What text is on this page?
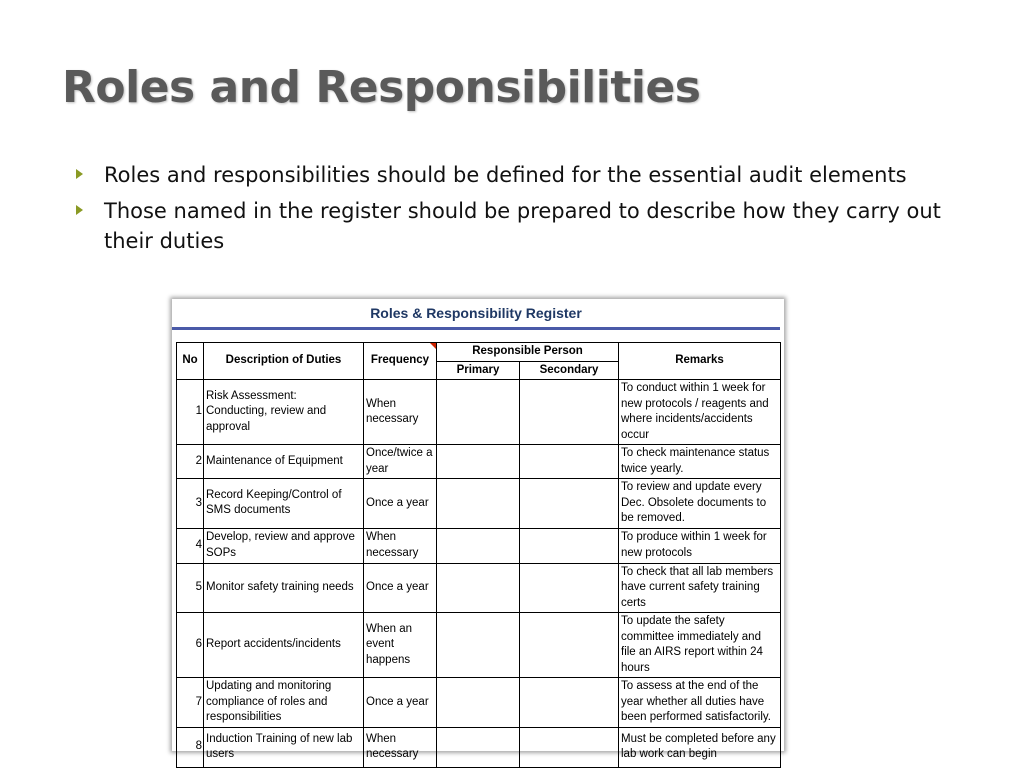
Roles and Responsibilities
Roles and responsibilities should be defined for the essential audit elements
Those named in the register should be prepared to describe how they carry out their duties
Roles & Responsibility Register
No	Description of Duties	Frequency	Responsible Person		Remarks
			Primary	Secondary	
1	Risk Assessment: Conducting, review and approval	When necessary			To conduct within 1 week for new protocols / reagents and where incidents/accidents occur
2	Maintenance of Equipment	Once/twice a year			To check maintenance status twice yearly.
3	Record Keeping/Control of SMS documents	Once a year			To review and update every Dec. Obsolete documents to be removed.
4	Develop, review and approve SOPs	When necessary			To produce within 1 week for new protocols
5	Monitor safety training needs	Once a year			To check that all lab members have current safety training certs
6	Report accidents/incidents	When an event happens			To update the safety committee immediately and file an AIRS report within 24 hours
7	Updating and monitoring compliance of roles and responsibilities	Once a year			To assess at the end of the year whether all duties have been performed satisfactorily.
8	Induction Training of new lab users	When necessary			Must be completed before any lab work can begin
